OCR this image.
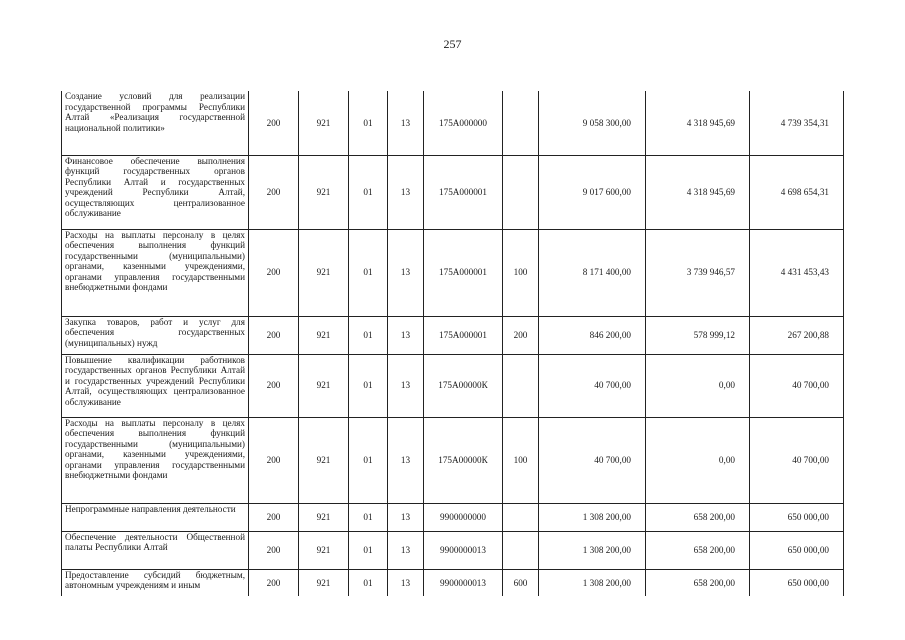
257
Создание условий для реализации государственной программы Республики Алтай «Реализация государственной национальной политики»	200	921	01	13	175А000000		9 058 300,00	4 318 945,69	4 739 354,31
Финансовое обеспечение выполнения функций государственных органов Республики Алтай и государственных учреждений Республики Алтай, осуществляющих централизованное обслуживание	200	921	01	13	175А000001		9 017 600,00	4 318 945,69	4 698 654,31
Расходы на выплаты персоналу в целях обеспечения выполнения функций государственными (муниципальными) органами, казенными учреждениями, органами управления государственными внебюджетными фондами	200	921	01	13	175А000001	100	8 171 400,00	3 739 946,57	4 431 453,43
Закупка товаров, работ и услуг для обеспечения государственных (муниципальных) нужд	200	921	01	13	175А000001	200	846 200,00	578 999,12	267 200,88
Повышение квалификации работников государственных органов Республики Алтай и государственных учреждений Республики Алтай, осуществляющих централизованное обслуживание	200	921	01	13	175А00000К		40 700,00	0,00	40 700,00
Расходы на выплаты персоналу в целях обеспечения выполнения функций государственными (муниципальными) органами, казенными учреждениями, органами управления государственными внебюджетными фондами	200	921	01	13	175А00000К	100	40 700,00	0,00	40 700,00
Непрограммные направления деятельности	200	921	01	13	9900000000		1 308 200,00	658 200,00	650 000,00
Обеспечение деятельности Общественной палаты Республики Алтай	200	921	01	13	9900000013		1 308 200,00	658 200,00	650 000,00
Предоставление субсидий бюджетным, автономным учреждениям и иным	200	921	01	13	9900000013	600	1 308 200,00	658 200,00	650 000,00
